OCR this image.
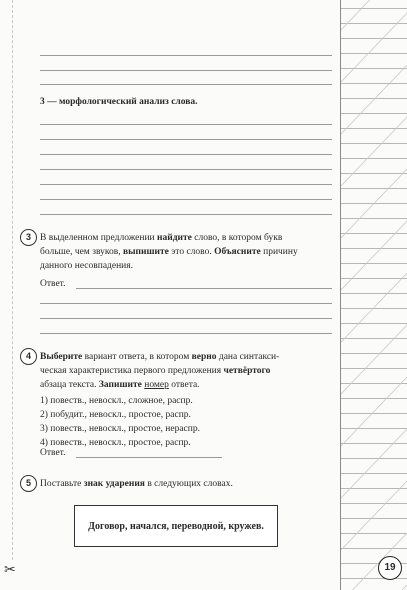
✂
3 — морфологический анализ слова.
3 В выделенном предложении найдите слово, в котором букв
больше, чем звуков, выпишите это слово. Объясните причину
данного несовпадения.
Ответ.
4 Выберите вариант ответа, в котором верно дана синтакси-
ческая характеристика первого предложения четвёртого
абзаца текста. Запишите номер ответа.
1) повеств., невоскл., сложное, распр.
2) побудит., невоскл., простое, распр.
3) повеств., невоскл., простое, нераспр.
4) повеств., невоскл., простое, распр.
Ответ.
5 Поставьте знак ударения в следующих словах.
Договор, начался, переводной, кружев.
19
